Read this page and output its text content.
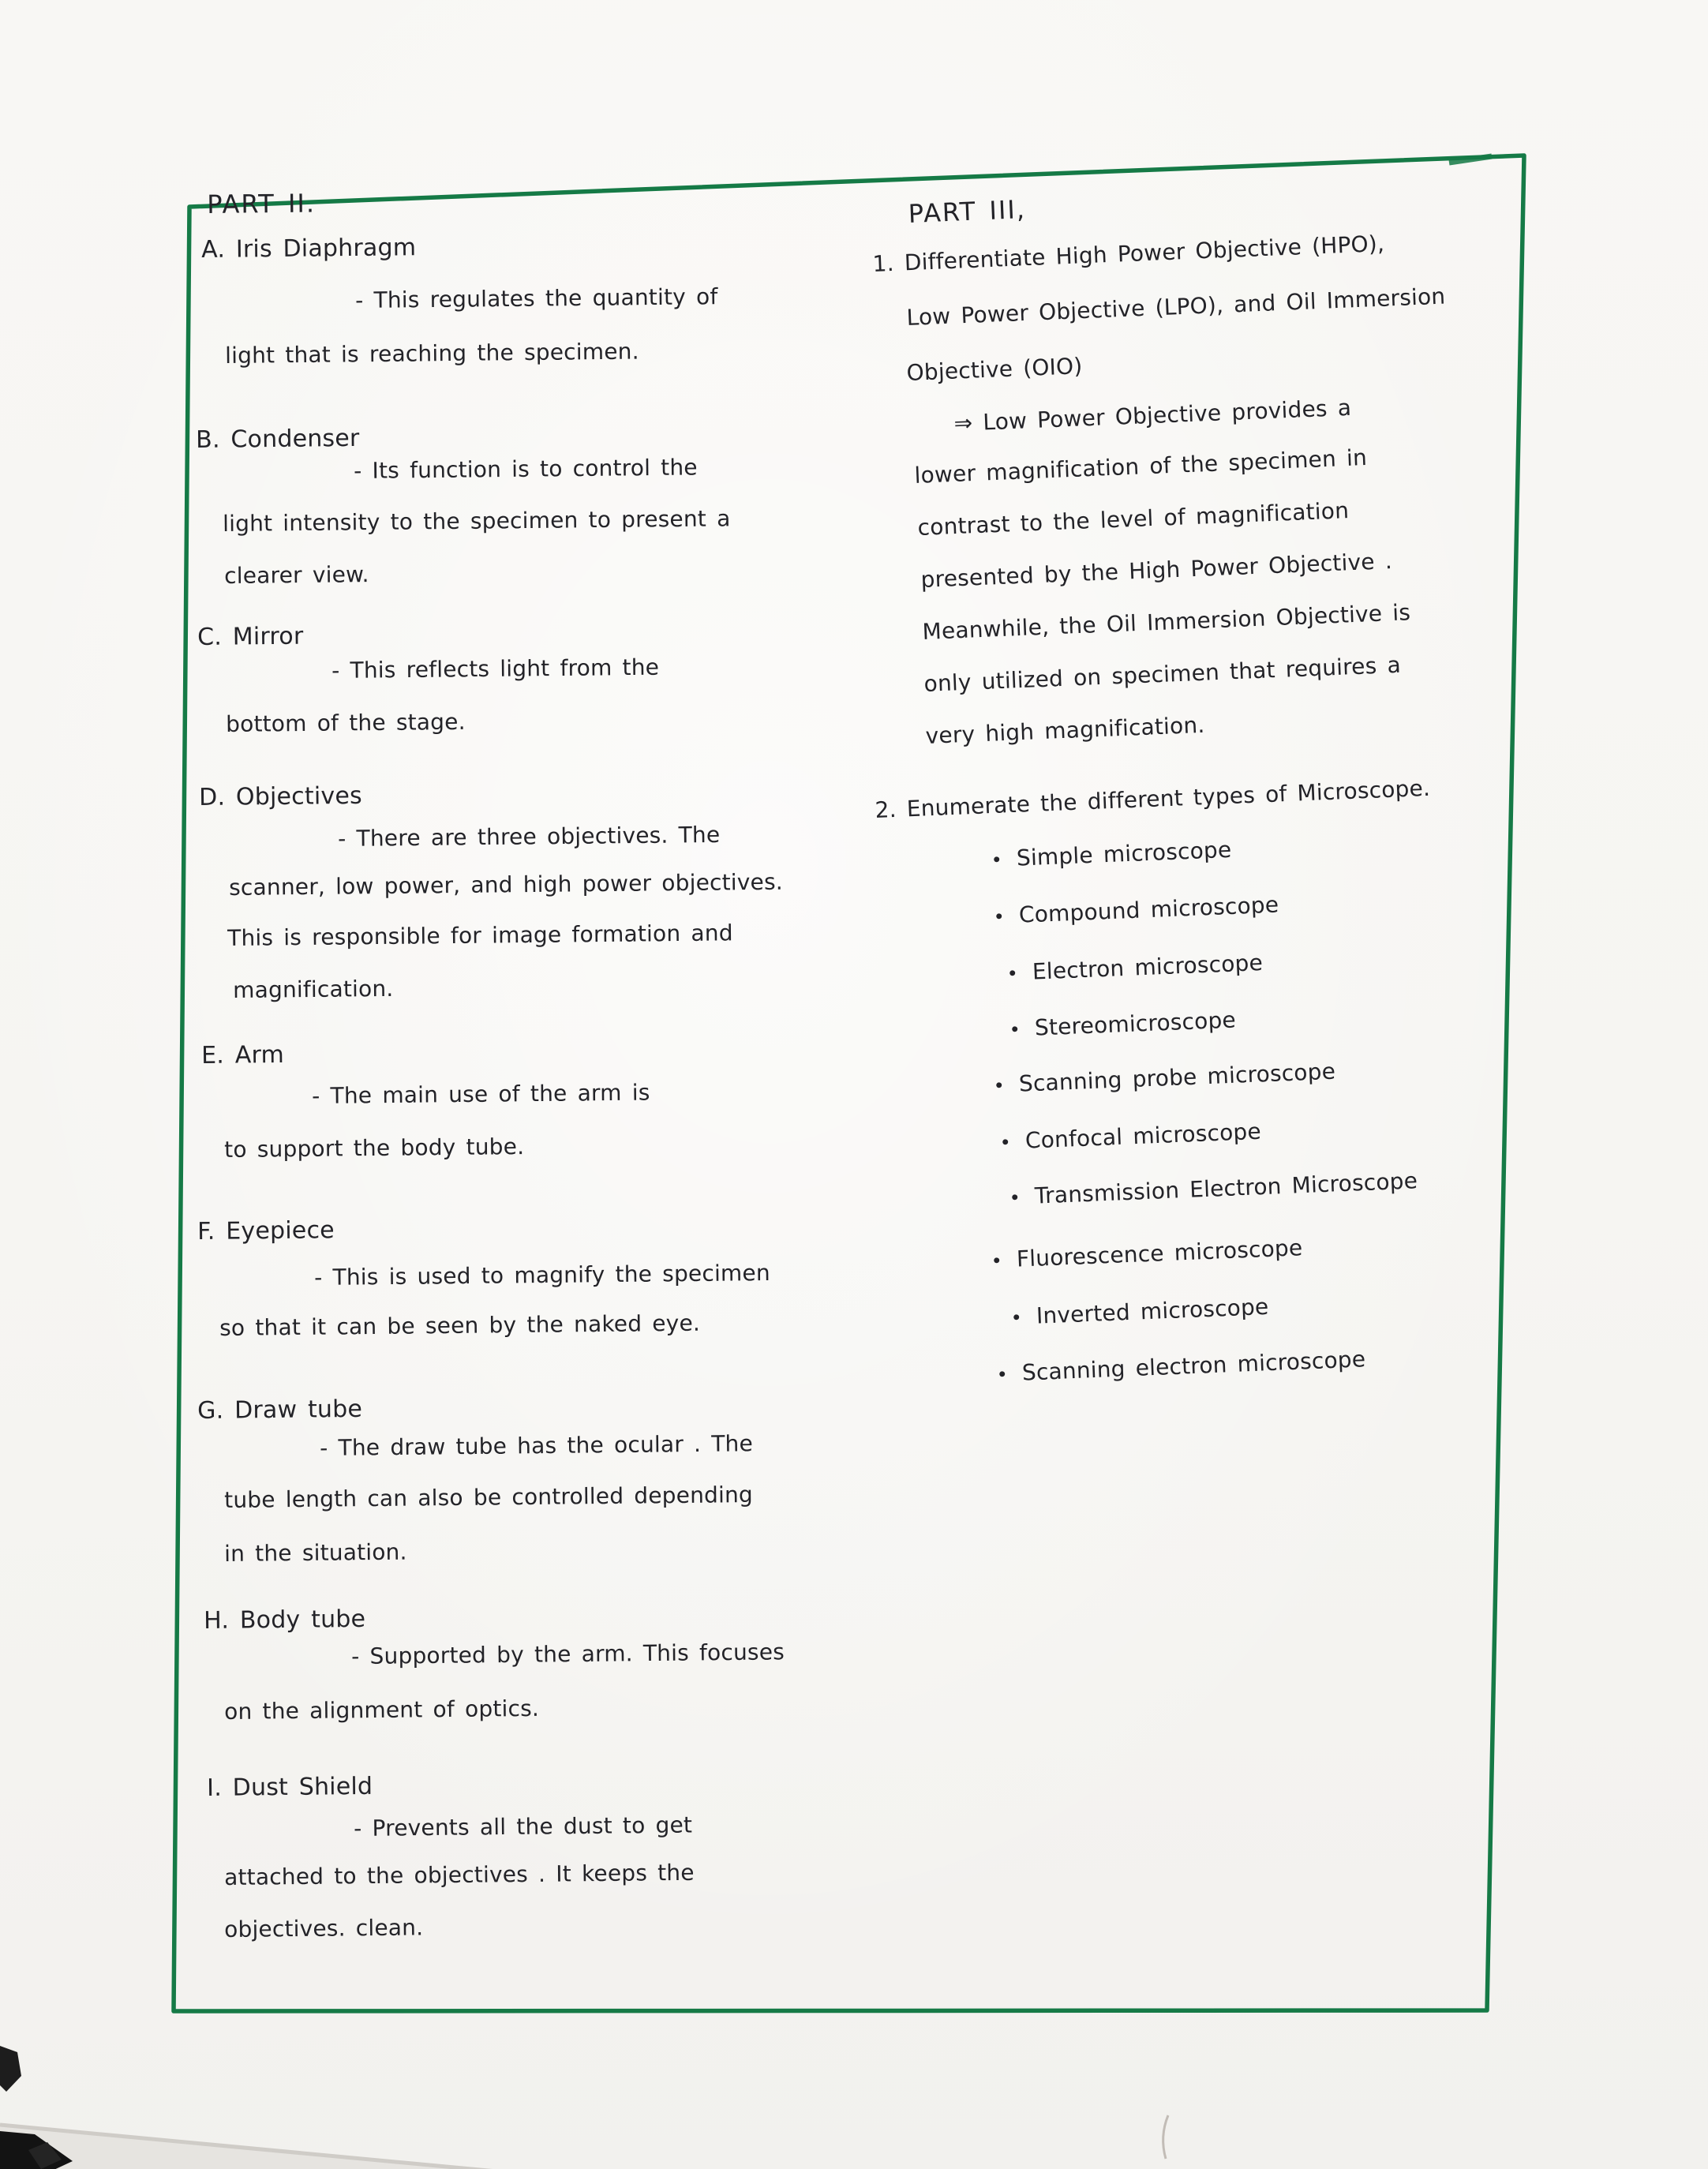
PART II.
A. Iris Diaphragm
- This regulates the quantity of
light that is reaching the specimen.
B. Condenser
- Its function is to control the
light intensity to the specimen to present a
clearer view.
C. Mirror
- This reflects light from the
bottom of the stage.
D. Objectives
- There are three objectives. The
scanner, low power, and high power objectives.
This is responsible for image formation and
magnification.
E. Arm
- The main use of the arm is
to support the body tube.
F. Eyepiece
- This is used to magnify the specimen
so that it can be seen by the naked eye.
G. Draw tube
- The draw tube has the ocular . The
tube length can also be controlled depending
in the situation.
H. Body tube
- Supported by the arm. This focuses
on the alignment of optics.
I. Dust Shield
- Prevents all the dust to get
attached to the objectives . It keeps the
objectives. clean.
PART III,
1. Differentiate High Power Objective (HPO),
Low Power Objective (LPO), and Oil Immersion
Objective (OIO)
⇒ Low Power Objective provides a
lower magnification of the specimen in
contrast to the level of magnification
presented by the High Power Objective .
Meanwhile, the Oil Immersion Objective is
only utilized on specimen that requires a
very high magnification.
2. Enumerate the different types of Microscope.
• Simple microscope
• Compound microscope
• Electron microscope
• Stereomicroscope
• Scanning probe microscope
• Confocal microscope
• Transmission Electron Microscope
• Fluorescence microscope
• Inverted microscope
• Scanning electron microscope
